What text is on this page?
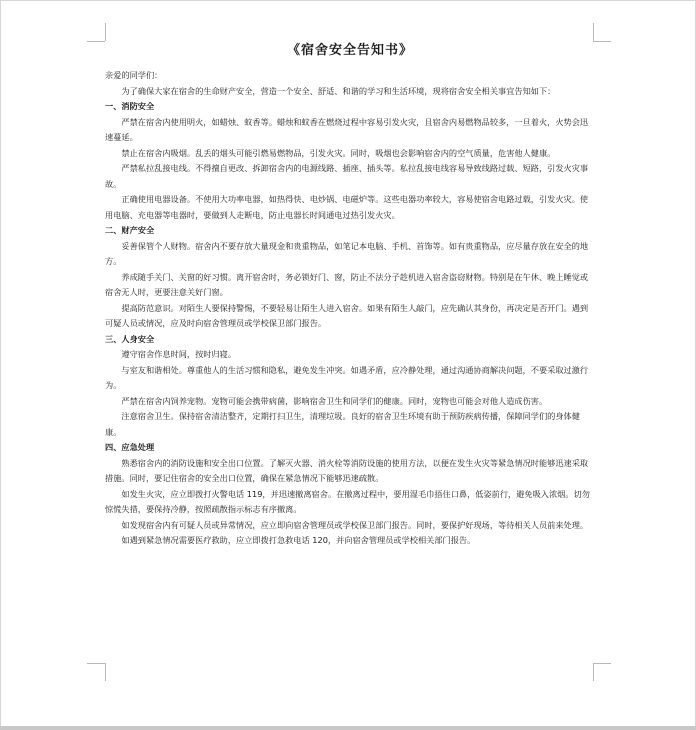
《宿舍安全告知书》
亲爱的同学们：
为了确保大家在宿舍的生命财产安全，营造一个安全、舒适、和谐的学习和生活环境，现将宿舍安全相关事宜告知如下：
一、消防安全
严禁在宿舍内使用明火，如蜡烛、蚊香等。蜡烛和蚊香在燃烧过程中容易引发火灾，且宿舍内易燃物品较多，一旦着火，火势会迅速蔓延。
禁止在宿舍内吸烟。乱丢的烟头可能引燃易燃物品，引发火灾。同时，吸烟也会影响宿舍内的空气质量，危害他人健康。
严禁私拉乱接电线。不得擅自更改、拆卸宿舍内的电源线路、插座、插头等。私拉乱接电线容易导致线路过载、短路，引发火灾事故。
正确使用电器设备。不使用大功率电器，如热得快、电炒锅、电磁炉等。这些电器功率较大，容易使宿舍电路过载，引发火灾。使用电脑、充电器等电器时，要做到人走断电，防止电器长时间通电过热引发火灾。
二、财产安全
妥善保管个人财物。宿舍内不要存放大量现金和贵重物品，如笔记本电脑、手机、首饰等。如有贵重物品，应尽量存放在安全的地方。
养成随手关门、关窗的好习惯。离开宿舍时，务必锁好门、窗，防止不法分子趁机进入宿舍盗窃财物。特别是在午休、晚上睡觉或宿舍无人时，更要注意关好门窗。
提高防范意识。对陌生人要保持警惕，不要轻易让陌生人进入宿舍。如果有陌生人敲门，应先确认其身份，再决定是否开门。遇到可疑人员或情况，应及时向宿舍管理员或学校保卫部门报告。
三、人身安全
遵守宿舍作息时间，按时归寝。
与室友和谐相处。尊重他人的生活习惯和隐私，避免发生冲突。如遇矛盾，应冷静处理，通过沟通协商解决问题，不要采取过激行为。
严禁在宿舍内饲养宠物。宠物可能会携带病菌，影响宿舍卫生和同学们的健康。同时，宠物也可能会对他人造成伤害。
注意宿舍卫生。保持宿舍清洁整齐，定期打扫卫生，清理垃圾。良好的宿舍卫生环境有助于预防疾病传播，保障同学们的身体健康。
四、应急处理
熟悉宿舍内的消防设施和安全出口位置。了解灭火器、消火栓等消防设施的使用方法，以便在发生火灾等紧急情况时能够迅速采取措施。同时，要记住宿舍的安全出口位置，确保在紧急情况下能够迅速疏散。
如发生火灾，应立即拨打火警电话 119，并迅速撤离宿舍。在撤离过程中，要用湿毛巾捂住口鼻，低姿前行，避免吸入浓烟。切勿惊慌失措，要保持冷静，按照疏散指示标志有序撤离。
如发现宿舍内有可疑人员或异常情况，应立即向宿舍管理员或学校保卫部门报告。同时，要保护好现场，等待相关人员前来处理。
如遇到紧急情况需要医疗救助，应立即拨打急救电话 120，并向宿舍管理员或学校相关部门报告。
